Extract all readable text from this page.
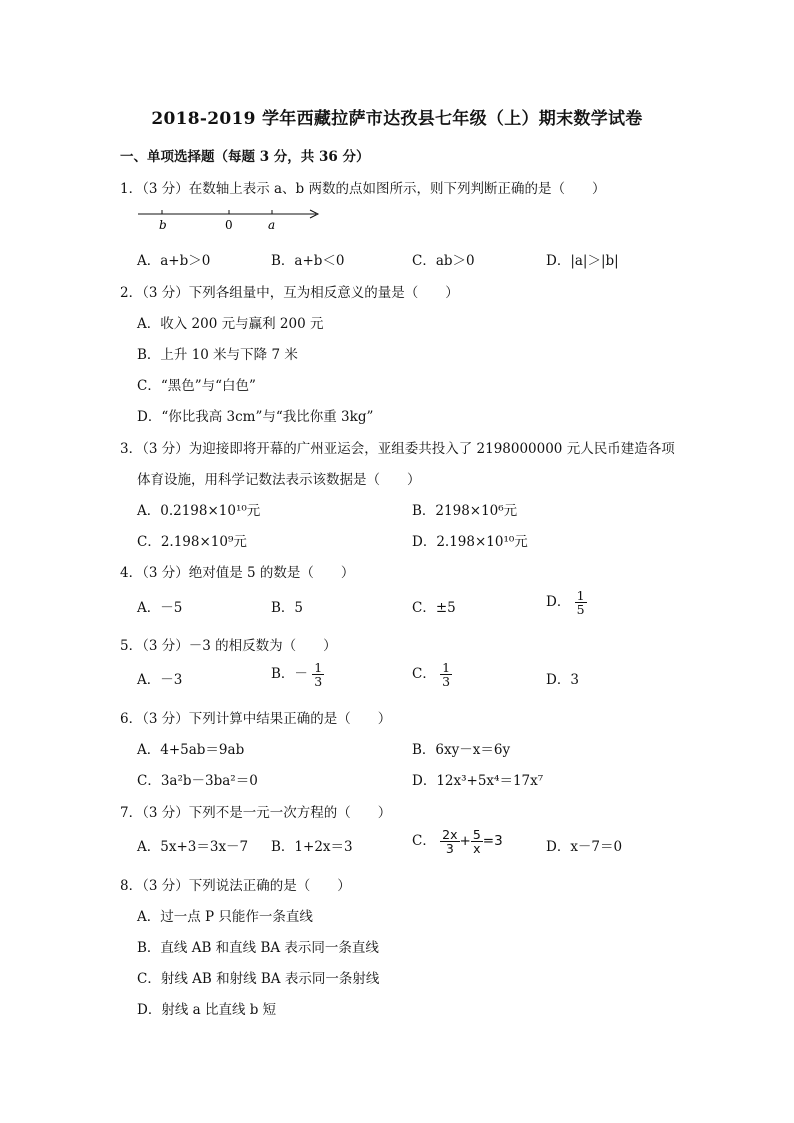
2018-2019 学年西藏拉萨市达孜县七年级（上）期末数学试卷
一、单项选择题（每题 3 分，共 36 分）
1．（3 分）在数轴上表示 a、b 两数的点如图所示，则下列判断正确的是（　　）
b	0	a
A．a+b＞0	B．a+b＜0	C．ab＞0	D．|a|＞|b|
2．（3 分）下列各组量中，互为相反意义的量是（　　）
A．收入 200 元与赢利 200 元
B．上升 10 米与下降 7 米
C．“黑色”与“白色”
D．“你比我高 3cm”与“我比你重 3kg”
3．（3 分）为迎接即将开幕的广州亚运会，亚组委共投入了 2198000000 元人民币建造各项
体育设施，用科学记数法表示该数据是（　　）
A．0.2198×10¹⁰元	B．2198×10⁶元
C．2.198×10⁹元	D．2.198×10¹⁰元
4．（3 分）绝对值是 5 的数是（　　）
A．－5	B．5	C．±5	D． $\frac{1}{5}$
5．（3 分）－3 的相反数为（　　）
A．－3	B．－ $\frac{1}{3}$	C． $\frac{1}{3}$	D．3
6．（3 分）下列计算中结果正确的是（　　）
A．4+5ab＝9ab	B．6xy－x＝6y
C．3a²b－3ba²＝0	D．12x³+5x⁴＝17x⁷
7．（3 分）下列不是一元一次方程的（　　）
A．5x+3＝3x－7 B．1+2x＝3	C． $\frac{2x}{3} + \frac{5}{x} =3$	D．x－7＝0
8．（3 分）下列说法正确的是（　　）
A．过一点 P 只能作一条直线
B．直线 AB 和直线 BA 表示同一条直线
C．射线 AB 和射线 BA 表示同一条射线
D．射线 a 比直线 b 短
